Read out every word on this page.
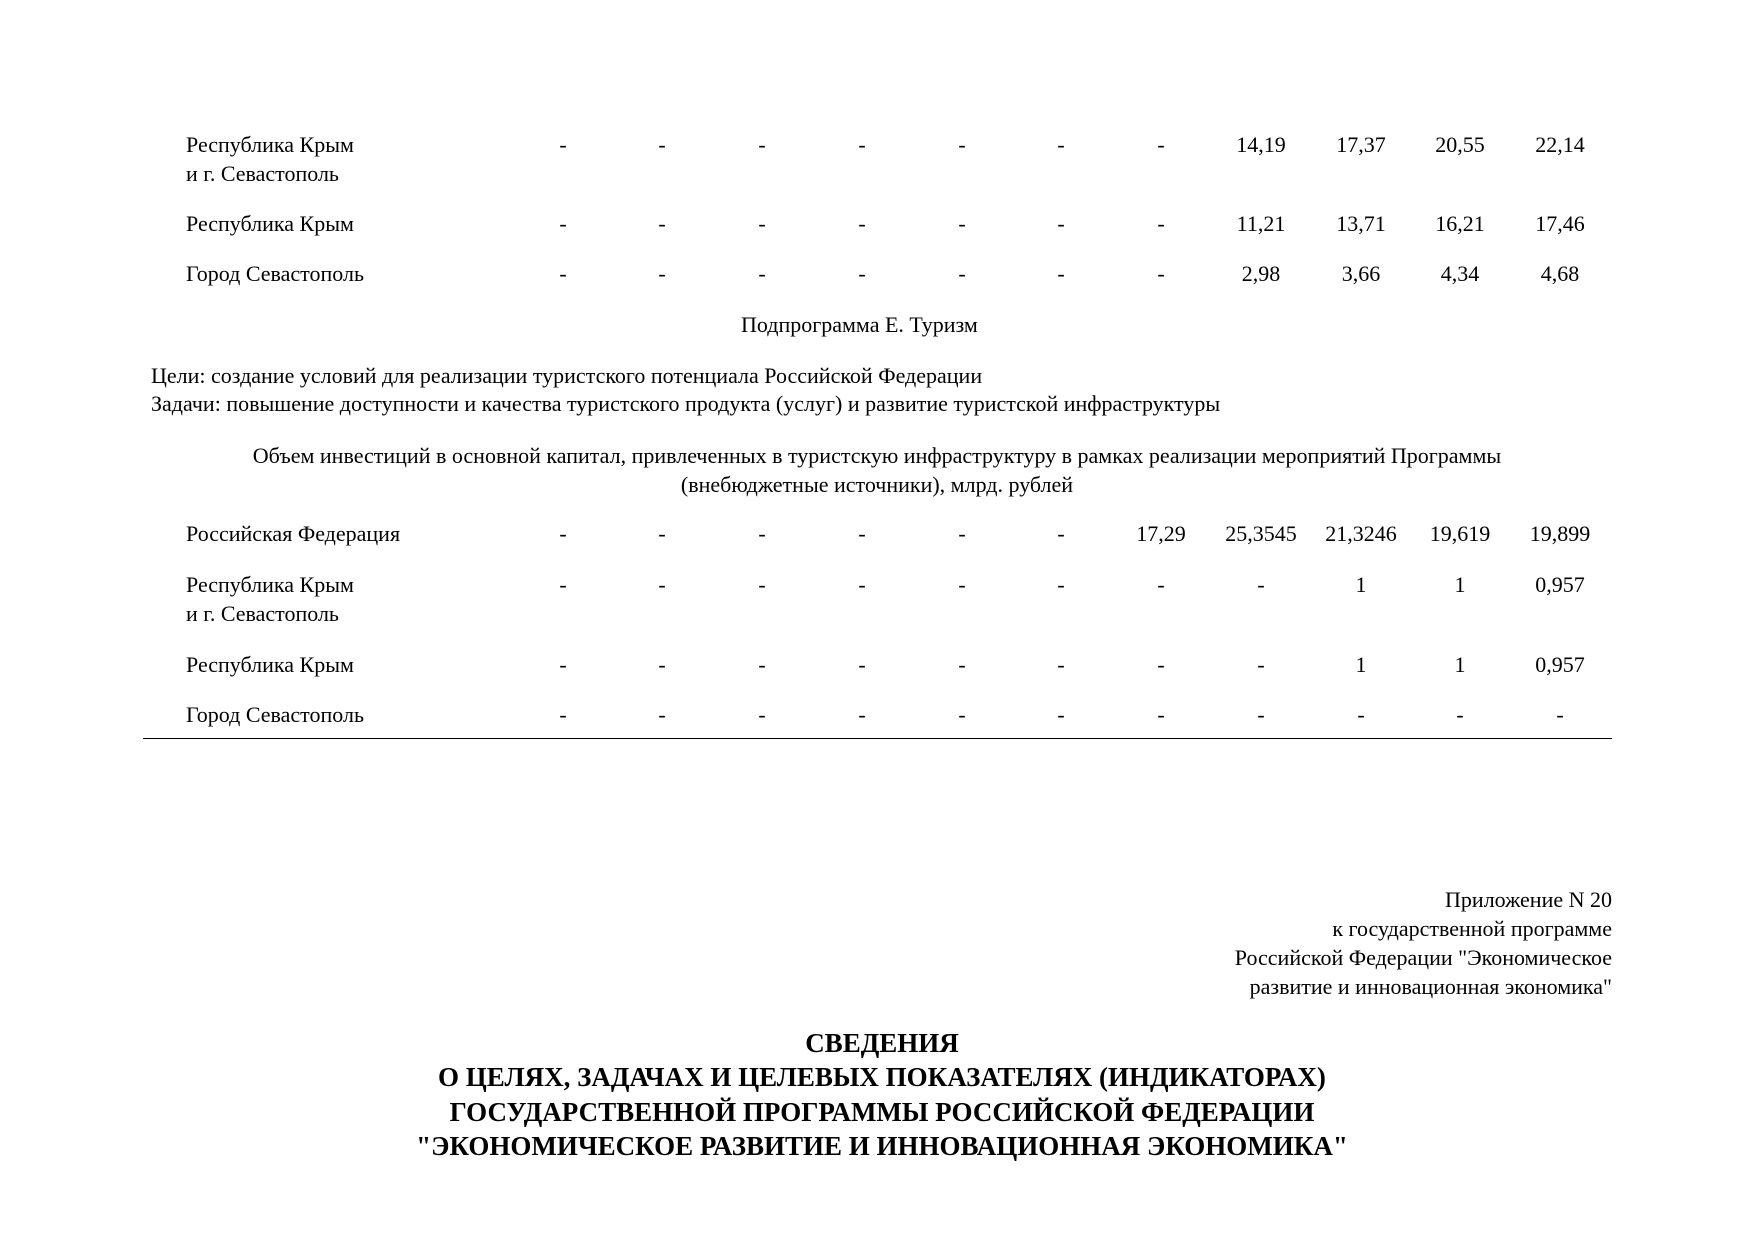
Республика Крым
и г. Севастополь
-	-	-	-	-	-	-	14,19	17,37	20,55	22,14
Республика Крым	-	-	-	-	-	-	-	11,21	13,71	16,21	17,46
Город Севастополь	-	-	-	-	-	-	-	2,98	3,66	4,34	4,68
Подпрограмма Е. Туризм
Цели: создание условий для реализации туристского потенциала Российской Федерации
Задачи: повышение доступности и качества туристского продукта (услуг) и развитие туристской инфраструктуры
Объем инвестиций в основной капитал, привлеченных в туристскую инфраструктуру в рамках реализации мероприятий Программы
(внебюджетные источники), млрд. рублей
Российская Федерация	-	-	-	-	-	-	17,29	25,3545	21,3246	19,619	19,899
Республика Крым
и г. Севастополь
-	-	-	-	-	-	-	-	1	1	0,957
Республика Крым	-	-	-	-	-	-	-	-	1	1	0,957
Город Севастополь	-	-	-	-	-	-	-	-	-	-	-
Приложение N 20
к государственной программе
Российской Федерации "Экономическое
развитие и инновационная экономика"
СВЕДЕНИЯ
О ЦЕЛЯХ, ЗАДАЧАХ И ЦЕЛЕВЫХ ПОКАЗАТЕЛЯХ (ИНДИКАТОРАХ)
ГОСУДАРСТВЕННОЙ ПРОГРАММЫ РОССИЙСКОЙ ФЕДЕРАЦИИ
"ЭКОНОМИЧЕСКОЕ РАЗВИТИЕ И ИННОВАЦИОННАЯ ЭКОНОМИКА"
